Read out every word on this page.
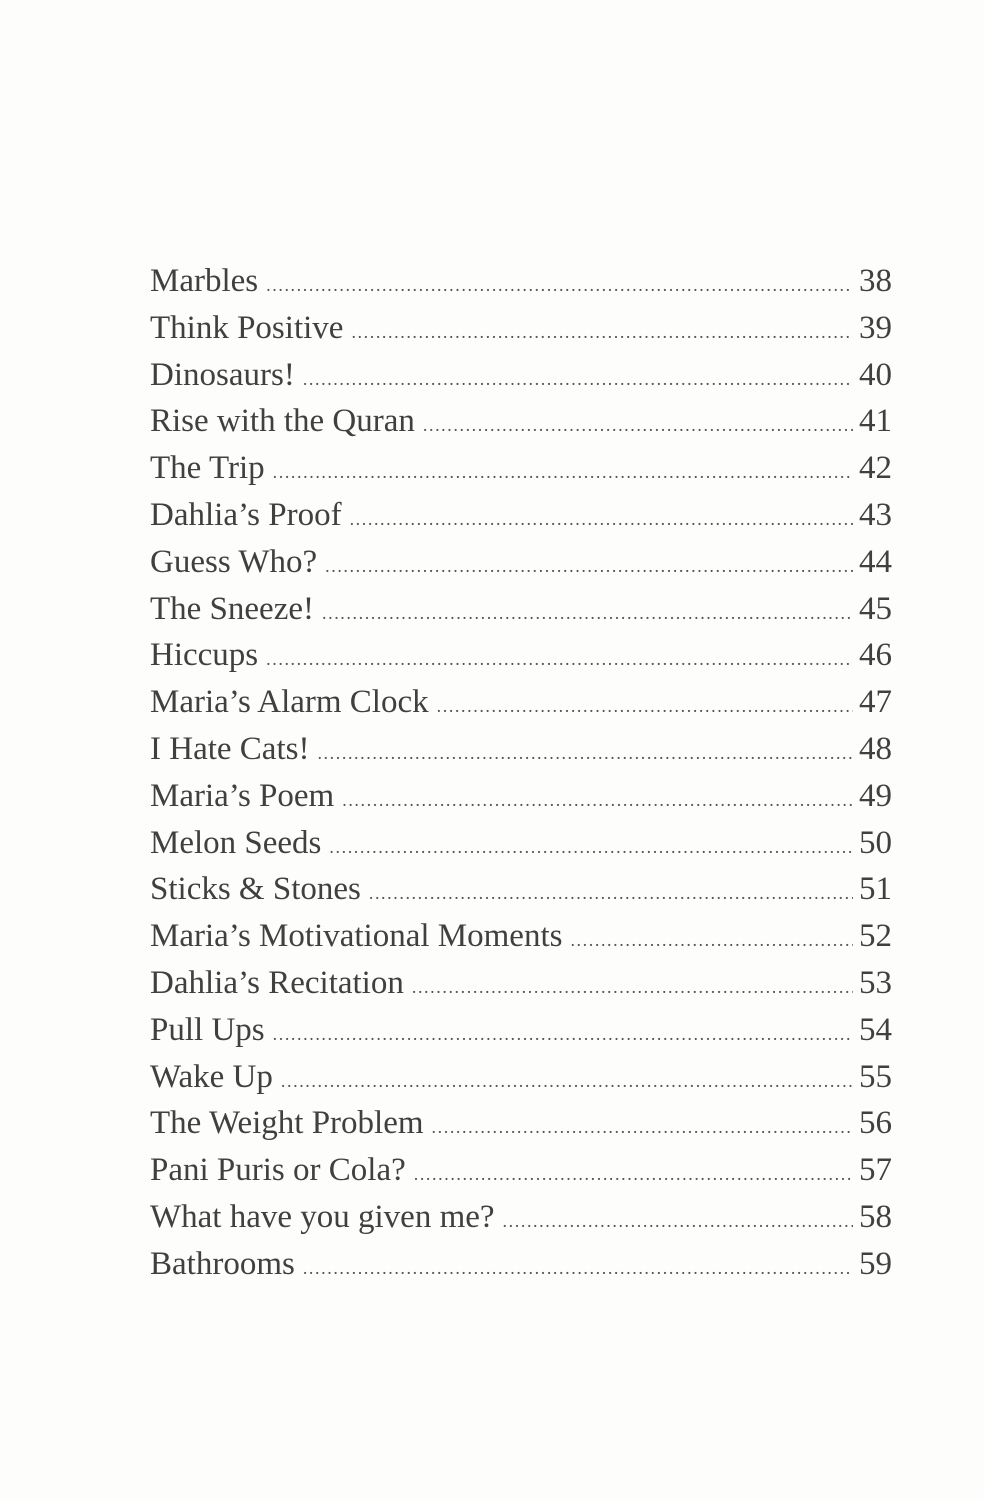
Marbles .....	38
Think Positive .....	39
Dinosaurs! .....	40
Rise with the Quran .....	41
The Trip .....	42
Dahlia’s Proof .....	43
Guess Who? .....	44
The Sneeze! .....	45
Hiccups .....	46
Maria’s Alarm Clock .....	47
I Hate Cats! .....	48
Maria’s Poem .....	49
Melon Seeds .....	50
Sticks & Stones .....	51
Maria’s Motivational Moments .....	52
Dahlia’s Recitation .....	53
Pull Ups .....	54
Wake Up .....	55
The Weight Problem .....	56
Pani Puris or Cola? .....	57
What have you given me? .....	58
Bathrooms .....	59
